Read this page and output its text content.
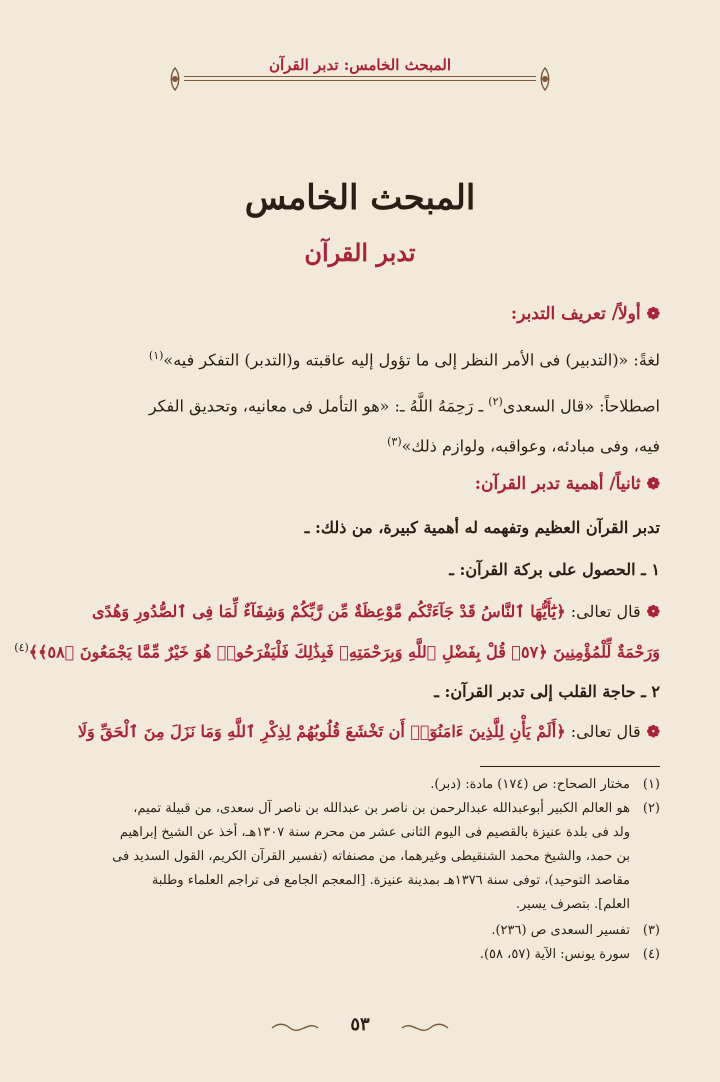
المبحث الخامس: تدبر القرآن
المبحث الخامس
تدبر القرآن
❁أولاً/ تعريف التدبر:
لغةً: «(التدبير) فى الأمر النظر إلى ما تؤول إليه عاقبته و(التدبر) التفكر فيه»$^{(١)}$
اصطلاحاً: «قال السعدى$^{(٢)}$ ـ رَحِمَهُ اللَّهُ ـ: «هو التأمل فى معانيه، وتحديق الفكر
فيه، وفى مبادئه، وعواقبه، ولوازم ذلك»$^{(٣)}$
❁ثانياً/ أهمية تدبر القرآن:
تدبر القرآن العظيم وتفهمه له أهمية كبيرة، من ذلك: ـ
١ ـ الحصول على بركة القرآن: ـ
❁قال تعالى: ﴿يَٰٓأَيُّهَا ٱلنَّاسُ قَدْ جَآءَتْكُم مَّوْعِظَةٌ مِّن رَّبِّكُمْ وَشِفَآءٌ لِّمَا فِى ٱلصُّدُورِ وَهُدًى
وَرَحْمَةٌ لِّلْمُؤْمِنِينَ ﴿٥٧﴾ قُلْ بِفَضْلِ ٱللَّهِ وَبِرَحْمَتِهِۦ فَبِذَٰلِكَ فَلْيَفْرَحُوا۟ هُوَ خَيْرٌ مِّمَّا يَجْمَعُونَ ﴿٥٨﴾﴾$^{(٤)}$
٢ ـ حاجة القلب إلى تدبر القرآن: ـ
❁قال تعالى: ﴿أَلَمْ يَأْنِ لِلَّذِينَ ءَامَنُوٓا۟ أَن تَخْشَعَ قُلُوبُهُمْ لِذِكْرِ ٱللَّهِ وَمَا نَزَلَ مِنَ ٱلْحَقِّ وَلَا
(١)مختار الصحاح: ص (١٧٤) مادة: (دبر).
(٢)هو العالم الكبير أبوعبدالله عبدالرحمن بن ناصر بن عبدالله بن ناصر آل سعدى، من قبيلة تميم،
ولد فى بلدة عنيزة بالقصيم فى اليوم الثانى عشر من محرم سنة ١٣٠٧هـ، أخذ عن الشيخ إبراهيم
بن حمد، والشيخ محمد الشنقيطى وغيرهما، من مصنفاته (تفسير القرآن الكريم، القول السديد فى
مقاصد التوحيد)، توفى سنة ١٣٧٦هـ بمدينة عنيزة. [المعجم الجامع فى تراجم العلماء وطلبة
العلم]. بتصرف يسير.
(٣)تفسير السعدى ص (٢٣٦).
(٤)سورة يونس: الآية (٥٧، ٥٨).
٥٣
